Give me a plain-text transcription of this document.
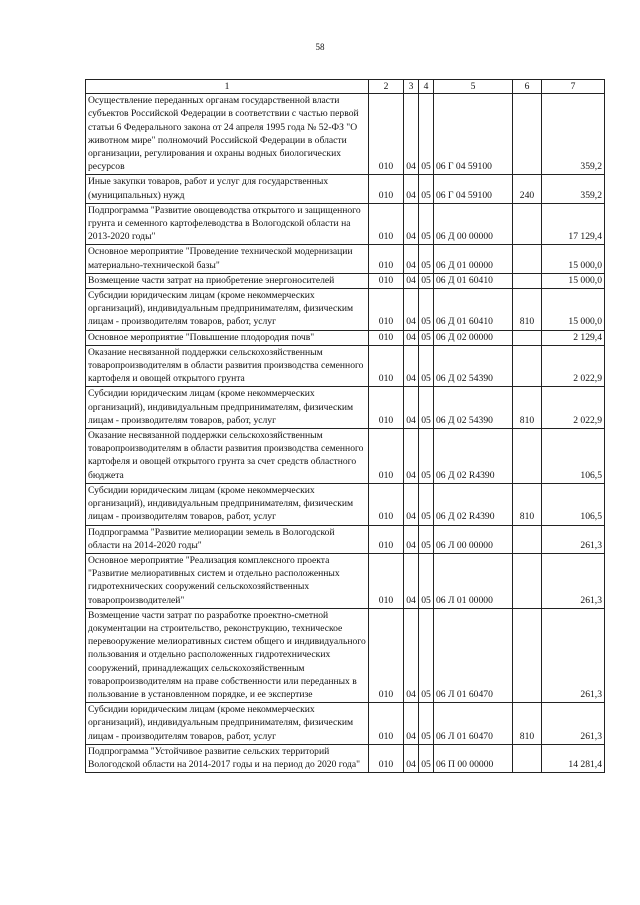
58
1	2	3	4	5	6	7
Осуществление переданных органам государственной власти субъектов Российской Федерации в соответствии с частью первой статьи 6 Федерального закона от 24 апреля 1995 года № 52-ФЗ "О животном мире" полномочий Российской Федерации в области организации, регулирования и охраны водных биологических ресурсов	010	04	05	06 Г 04 59100		359,2
Иные закупки товаров, работ и услуг для государственных (муниципальных) нужд	010	04	05	06 Г 04 59100	240	359,2
Подпрограмма "Развитие овощеводства открытого и защищенного грунта и семенного картофелеводства в Вологодской области на 2013-2020 годы"	010	04	05	06 Д 00 00000		17 129,4
Основное мероприятие "Проведение технической модернизации материально-технической базы"	010	04	05	06 Д 01 00000		15 000,0
Возмещение части затрат на приобретение энергоносителей	010	04	05	06 Д 01 60410		15 000,0
Субсидии юридическим лицам (кроме некоммерческих организаций), индивидуальным предпринимателям, физическим лицам - производителям товаров, работ, услуг	010	04	05	06 Д 01 60410	810	15 000,0
Основное мероприятие "Повышение плодородия почв"	010	04	05	06 Д 02 00000		2 129,4
Оказание несвязанной поддержки сельскохозяйственным товаропроизводителям в области развития производства семенного картофеля и овощей открытого грунта	010	04	05	06 Д 02 54390		2 022,9
Субсидии юридическим лицам (кроме некоммерческих организаций), индивидуальным предпринимателям, физическим лицам - производителям товаров, работ, услуг	010	04	05	06 Д 02 54390	810	2 022,9
Оказание несвязанной поддержки сельскохозяйственным товаропроизводителям в области развития производства семенного картофеля и овощей открытого грунта за счет средств областного бюджета	010	04	05	06 Д 02 R4390		106,5
Субсидии юридическим лицам (кроме некоммерческих организаций), индивидуальным предпринимателям, физическим лицам - производителям товаров, работ, услуг	010	04	05	06 Д 02 R4390	810	106,5
Подпрограмма "Развитие мелиорации земель в Вологодской области на 2014-2020 годы"	010	04	05	06 Л 00 00000		261,3
Основное мероприятие "Реализация комплексного проекта "Развитие мелиоративных систем и отдельно расположенных гидротехнических сооружений сельскохозяйственных товаропроизводителей"	010	04	05	06 Л 01 00000		261,3
Возмещение части затрат по разработке проектно-сметной документации на строительство, реконструкцию, техническое перевооружение мелиоративных систем общего и индивидуального пользования и отдельно расположенных гидротехнических сооружений, принадлежащих сельскохозяйственным товаропроизводителям на праве собственности или переданных в пользование в установленном порядке, и ее экспертизе	010	04	05	06 Л 01 60470		261,3
Субсидии юридическим лицам (кроме некоммерческих организаций), индивидуальным предпринимателям, физическим лицам - производителям товаров, работ, услуг	010	04	05	06 Л 01 60470	810	261,3
Подпрограмма "Устойчивое развитие сельских территорий Вологодской области на 2014-2017 годы и на период до 2020 года"	010	04	05	06 П 00 00000		14 281,4
